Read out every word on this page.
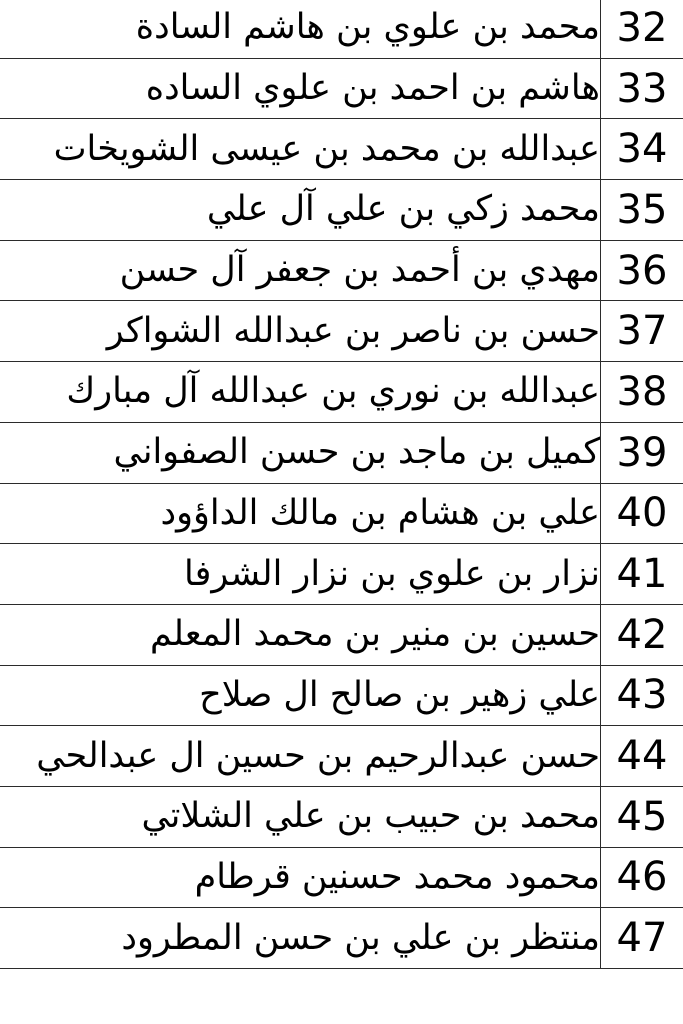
محمد بن علوي بن هاشم السادة	32
هاشم بن احمد بن علوي الساده	33
عبدالله بن محمد بن عيسى الشويخات	34
محمد زكي بن علي آل علي	35
مهدي بن أحمد بن جعفر آل حسن	36
حسن بن ناصر بن عبدالله الشواكر	37
عبدالله بن نوري بن عبدالله آل مبارك	38
كميل بن ماجد بن حسن الصفواني	39
علي بن هشام بن مالك الداؤود	40
نزار بن علوي بن نزار الشرفا	41
حسين بن منير بن محمد المعلم	42
علي زهير بن صالح ال صلاح	43
حسن عبدالرحيم بن حسين ال عبدالحي	44
محمد بن حبيب بن علي الشلاتي	45
محمود محمد حسنين قرطام	46
منتظر بن علي بن حسن المطرود	47
